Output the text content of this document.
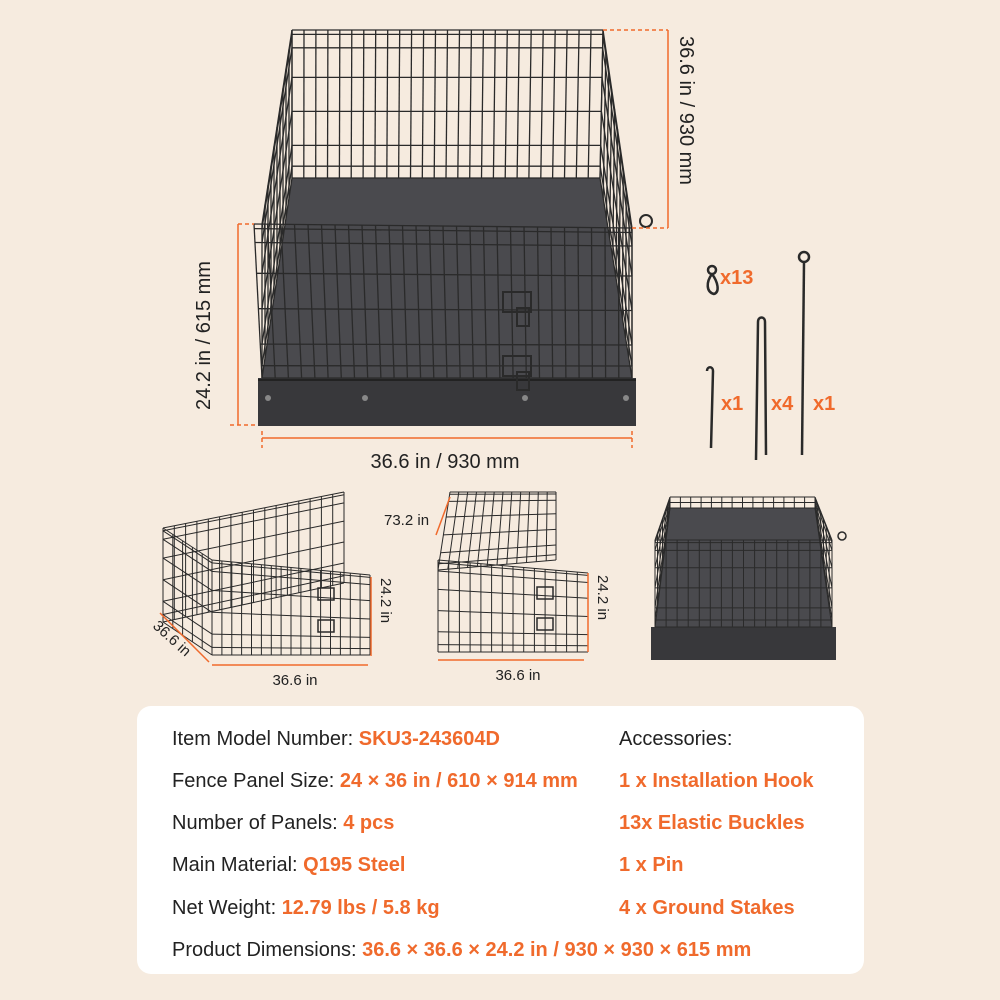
36.6 in / 930 mm
24.2 in / 615 mm
36.6 in / 930 mm
x13
x1 x4 x1
24.2 in
36.6 in
36.6 in
73.2 in
24.2 in
36.6 in
Item Model Number: SKU3-243604D
Fence Panel Size: 24 × 36 in / 610 × 914 mm
Number of Panels: 4 pcs
Main Material: Q195 Steel
Net Weight: 12.79 lbs / 5.8 kg
Product Dimensions: 36.6 × 36.6 × 24.2 in / 930 × 930 × 615 mm
Accessories:
1 x Installation Hook
13x Elastic Buckles
1 x Pin
4 x Ground Stakes
